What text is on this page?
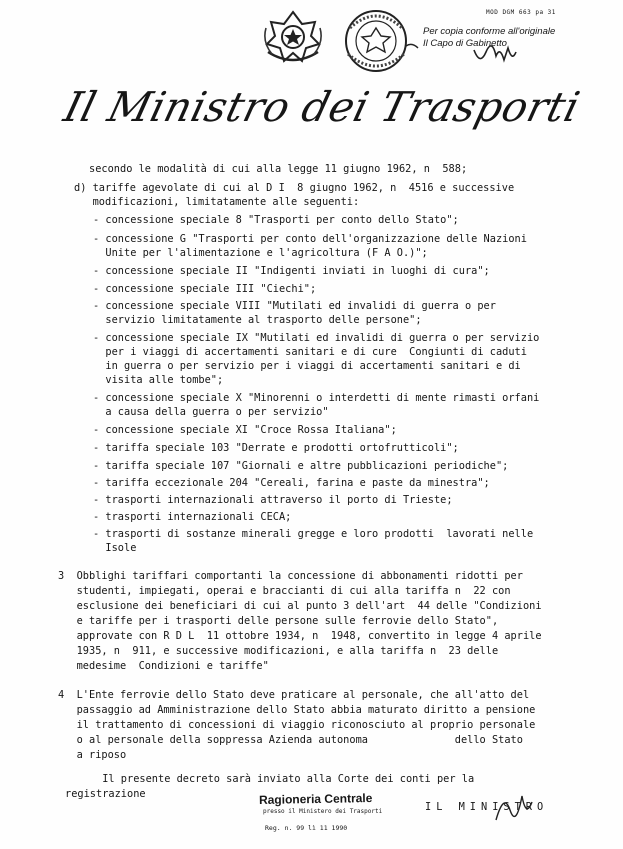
MOD DGM 663 pa 31
Per copia conforme all'originale
Il Capo di Gabinetto
Il Ministro dei Trasporti
secondo le modalità di cui alla legge 11 giugno 1962, n  588;
d) tariffe agevolate di cui al D I  8 giugno 1962, n  4516 e successive
modificazioni, limitatamente alle seguenti:
- concessione speciale 8 "Trasporti per conto dello Stato";
- concessione G "Trasporti per conto dell'organizzazione delle Nazioni
Unite per l'alimentazione e l'agricoltura (F A O.)";
- concessione speciale II "Indigenti inviati in luoghi di cura";
- concessione speciale III "Ciechi";
- concessione speciale VIII "Mutilati ed invalidi di guerra o per
servizio limitatamente al trasporto delle persone";
- concessione speciale IX "Mutilati ed invalidi di guerra o per servizio
per i viaggi di accertamenti sanitari e di cure  Congiunti di caduti
in guerra o per servizio per i viaggi di accertamenti sanitari e di
visita alle tombe";
- concessione speciale X "Minorenni o interdetti di mente rimasti orfani
a causa della guerra o per servizio"
- concessione speciale XI "Croce Rossa Italiana";
- tariffa speciale 103 "Derrate e prodotti ortofrutticoli";
- tariffa speciale 107 "Giornali e altre pubblicazioni periodiche";
- tariffa eccezionale 204 "Cereali, farina e paste da minestra";
- trasporti internazionali attraverso il porto di Trieste;
- trasporti internazionali CECA;
- trasporti di sostanze minerali gregge e loro prodotti  lavorati nelle
Isole
3  Obblighi tariffari comportanti la concessione di abbonamenti ridotti per
studenti, impiegati, operai e braccianti di cui alla tariffa n  22 con
esclusione dei beneficiari di cui al punto 3 dell'art  44 delle "Condizioni
e tariffe per i trasporti delle persone sulle ferrovie dello Stato",
approvate con R D L  11 ottobre 1934, n  1948, convertito in legge 4 aprile
1935, n  911, e successive modificazioni, e alla tariffa n  23 delle
medesime  Condizioni e tariffe"
4  L'Ente ferrovie dello Stato deve praticare al personale, che all'atto del
passaggio ad Amministrazione dello Stato abbia maturato diritto a pensione
il trattamento di concessioni di viaggio riconosciuto al proprio personale
o al personale della soppressa Azienda autonoma              dello Stato
a riposo
Il presente decreto sarà inviato alla Corte dei conti per la
registrazione	Ragioneria Centrale
presso il Ministero dei Trasporti
Reg. n. 99 lì 11 1990
IL MINISTRO
